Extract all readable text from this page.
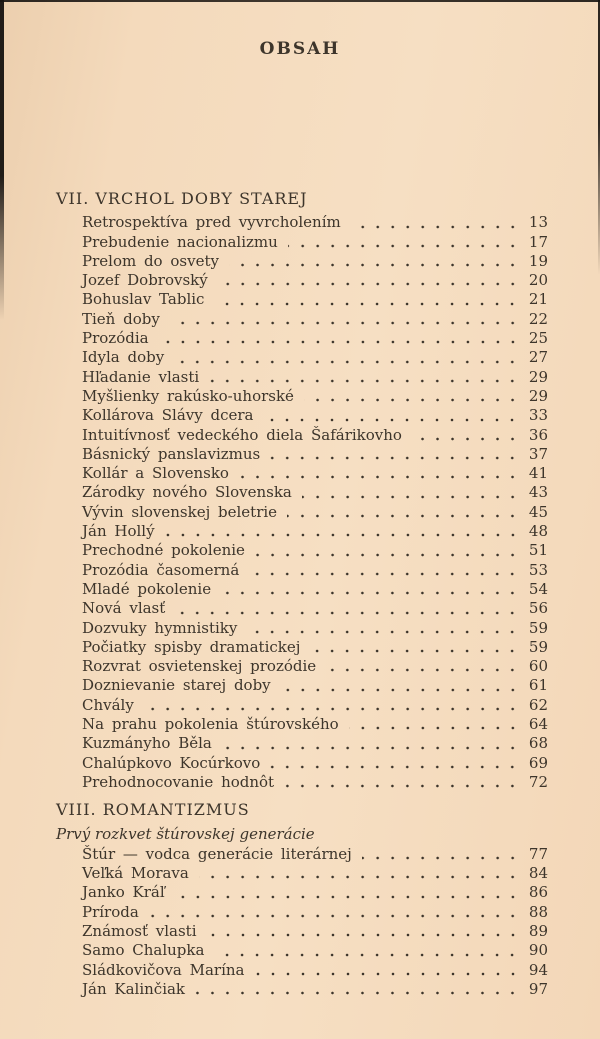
OBSAH
VII. VRCHOL DOBY STAREJ
Retrospektíva pred vyvrcholením	13
Prebudenie nacionalizmu	17
Prelom do osvety	19
Jozef Dobrovský	20
Bohuslav Tablic	21
Tieň doby	22
Prozódia	25
Idyla doby	27
Hľadanie vlasti	29
Myšlienky rakúsko-uhorské	29
Kollárova Slávy dcera	33
Intuitívnosť vedeckého diela Šafárikovho	36
Básnický panslavizmus	37
Kollár a Slovensko	41
Zárodky nového Slovenska	43
Vývin slovenskej beletrie	45
Ján Hollý	48
Prechodné pokolenie	51
Prozódia časomerná	53
Mladé pokolenie	54
Nová vlasť	56
Dozvuky hymnistiky	59
Počiatky spisby dramatickej	59
Rozvrat osvietenskej prozódie	60
Doznievanie starej doby	61
Chvály	62
Na prahu pokolenia štúrovského	64
Kuzmányho Běla	68
Chalúpkovo Kocúrkovo	69
Prehodnocovanie hodnôt	72
VIII. ROMANTIZMUS
Prvý rozkvet štúrovskej generácie
Štúr — vodca generácie literárnej	77
Veľká Morava	84
Janko Kráľ	86
Príroda	88
Známosť vlasti	89
Samo Chalupka	90
Sládkovičova Marína	94
Ján Kalinčiak	97
